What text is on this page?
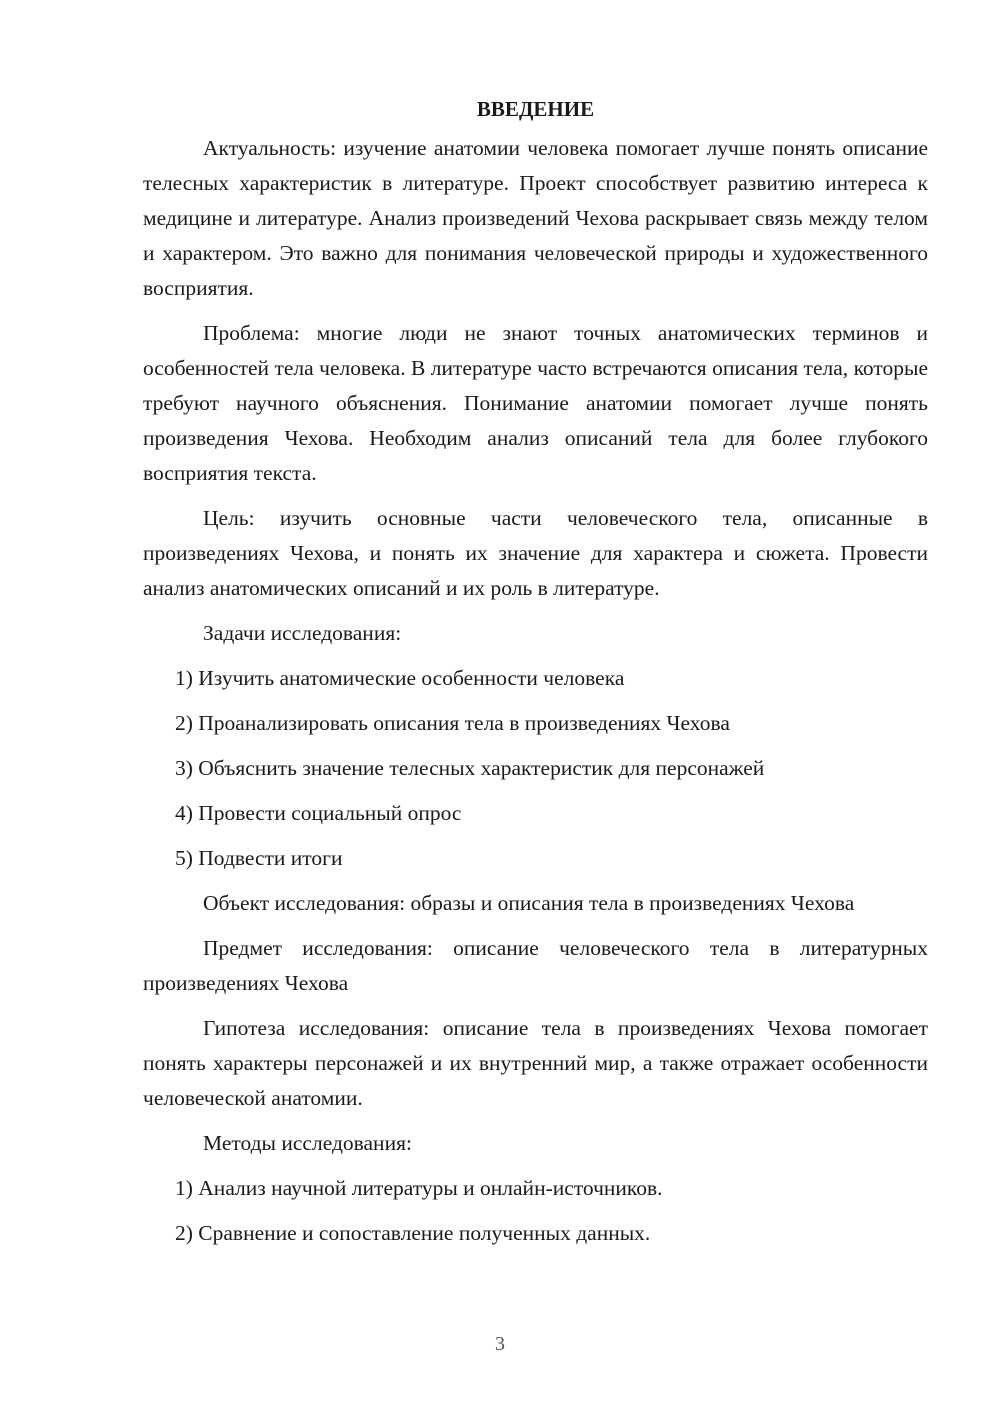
ВВЕДЕНИЕ

Актуальность: изучение анатомии человека помогает лучше понять описание телесных характеристик в литературе. Проект способствует развитию интереса к медицине и литературе. Анализ произведений Чехова раскрывает связь между телом и характером. Это важно для понимания человеческой природы и художественного восприятия.

Проблема: многие люди не знают точных анатомических терминов и особенностей тела человека. В литературе часто встречаются описания тела, которые требуют научного объяснения. Понимание анатомии помогает лучше понять произведения Чехова. Необходим анализ описаний тела для более глубокого восприятия текста.

Цель: изучить основные части человеческого тела, описанные в произведениях Чехова, и понять их значение для характера и сюжета. Провести анализ анатомических описаний и их роль в литературе.

Задачи исследования:

1) Изучить анатомические особенности человека
2) Проанализировать описания тела в произведениях Чехова
3) Объяснить значение телесных характеристик для персонажей
4) Провести социальный опрос
5) Подвести итоги

Объект исследования: образы и описания тела в произведениях Чехова

Предмет исследования: описание человеческого тела в литературных произведениях Чехова

Гипотеза исследования: описание тела в произведениях Чехова помогает понять характеры персонажей и их внутренний мир, а также отражает особенности человеческой анатомии.

Методы исследования:

1) Анализ научной литературы и онлайн-источников.
2) Сравнение и сопоставление полученных данных.
3
